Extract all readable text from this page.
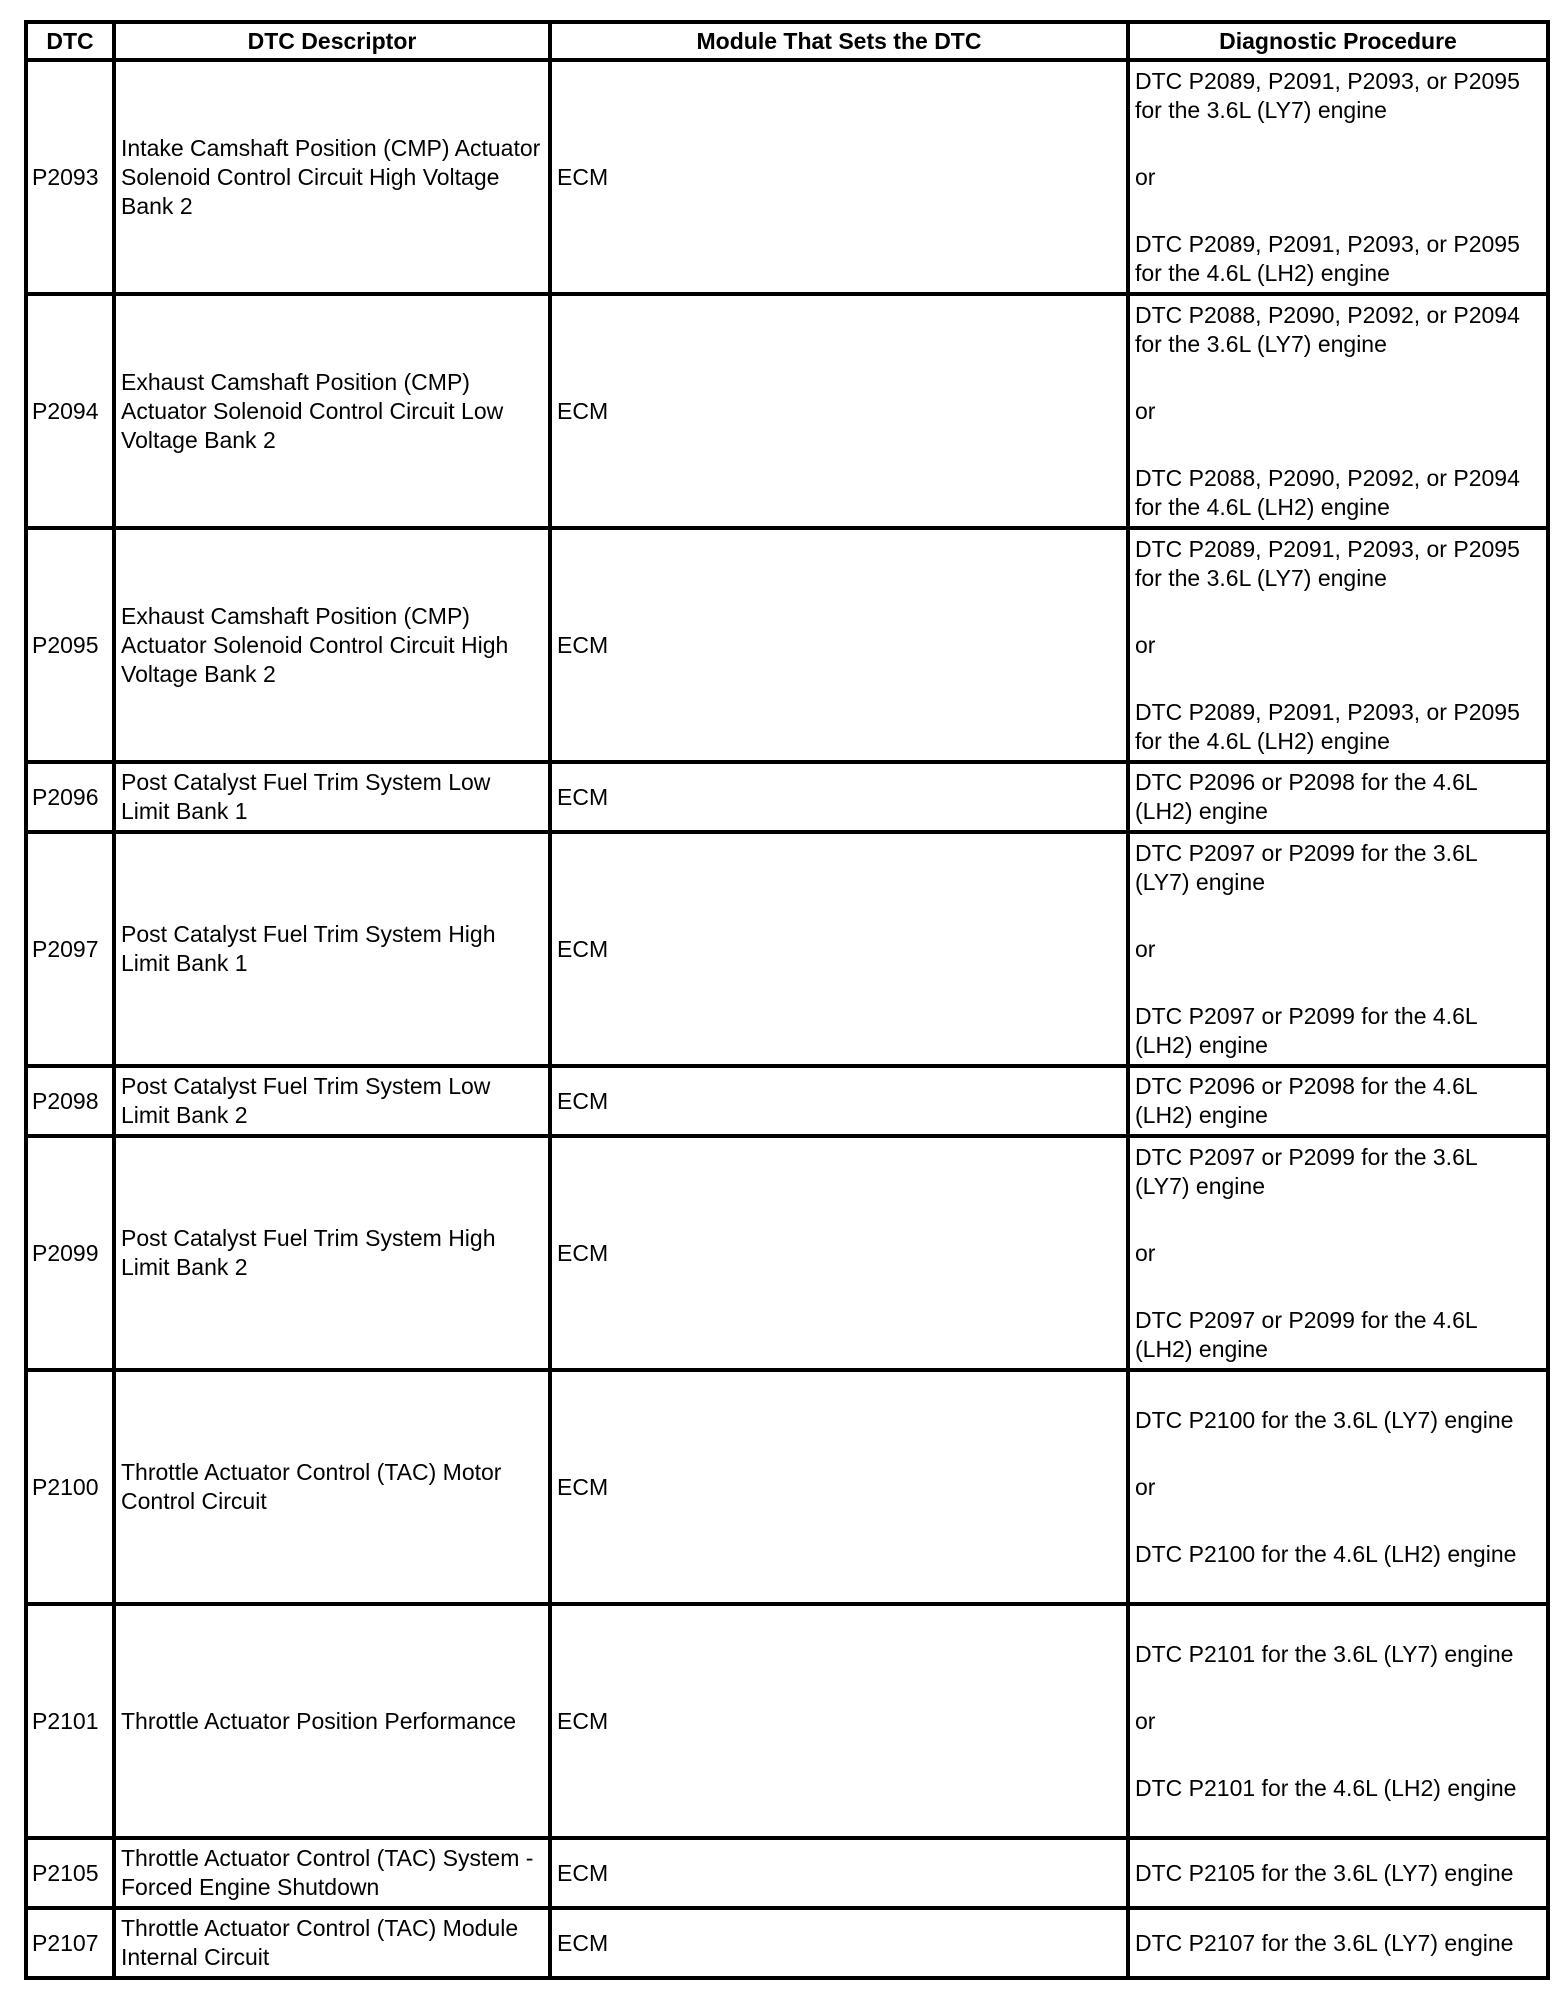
DTC	DTC Descriptor	Module That Sets the DTC	Diagnostic Procedure
P2093	Intake Camshaft Position (CMP) Actuator Solenoid Control Circuit High Voltage Bank 2	ECM	DTC P2089, P2091, P2093, or P2095 for the 3.6L (LY7) engine
or
DTC P2089, P2091, P2093, or P2095 for the 4.6L (LH2) engine

P2094	Exhaust Camshaft Position (CMP) Actuator Solenoid Control Circuit Low Voltage Bank 2	ECM	DTC P2088, P2090, P2092, or P2094 for the 3.6L (LY7) engine
or
DTC P2088, P2090, P2092, or P2094 for the 4.6L (LH2) engine

P2095	Exhaust Camshaft Position (CMP) Actuator Solenoid Control Circuit High Voltage Bank 2	ECM	DTC P2089, P2091, P2093, or P2095 for the 3.6L (LY7) engine
or
DTC P2089, P2091, P2093, or P2095 for the 4.6L (LH2) engine

P2096	Post Catalyst Fuel Trim System Low Limit Bank 1	ECM	DTC P2096 or P2098 for the 4.6L (LH2) engine

P2097	Post Catalyst Fuel Trim System High Limit Bank 1	ECM	DTC P2097 or P2099 for the 3.6L (LY7) engine
or
DTC P2097 or P2099 for the 4.6L (LH2) engine

P2098	Post Catalyst Fuel Trim System Low Limit Bank 2	ECM	DTC P2096 or P2098 for the 4.6L (LH2) engine

P2099	Post Catalyst Fuel Trim System High Limit Bank 2	ECM	DTC P2097 or P2099 for the 3.6L (LY7) engine
or
DTC P2097 or P2099 for the 4.6L (LH2) engine

P2100	Throttle Actuator Control (TAC) Motor Control Circuit	ECM	DTC P2100 for the 3.6L (LY7) engine
or
DTC P2100 for the 4.6L (LH2) engine

P2101	Throttle Actuator Position Performance	ECM	DTC P2101 for the 3.6L (LY7) engine
or
DTC P2101 for the 4.6L (LH2) engine

P2105	Throttle Actuator Control (TAC) System - Forced Engine Shutdown	ECM	DTC P2105 for the 3.6L (LY7) engine

P2107	Throttle Actuator Control (TAC) Module Internal Circuit	ECM	DTC P2107 for the 3.6L (LY7) engine
